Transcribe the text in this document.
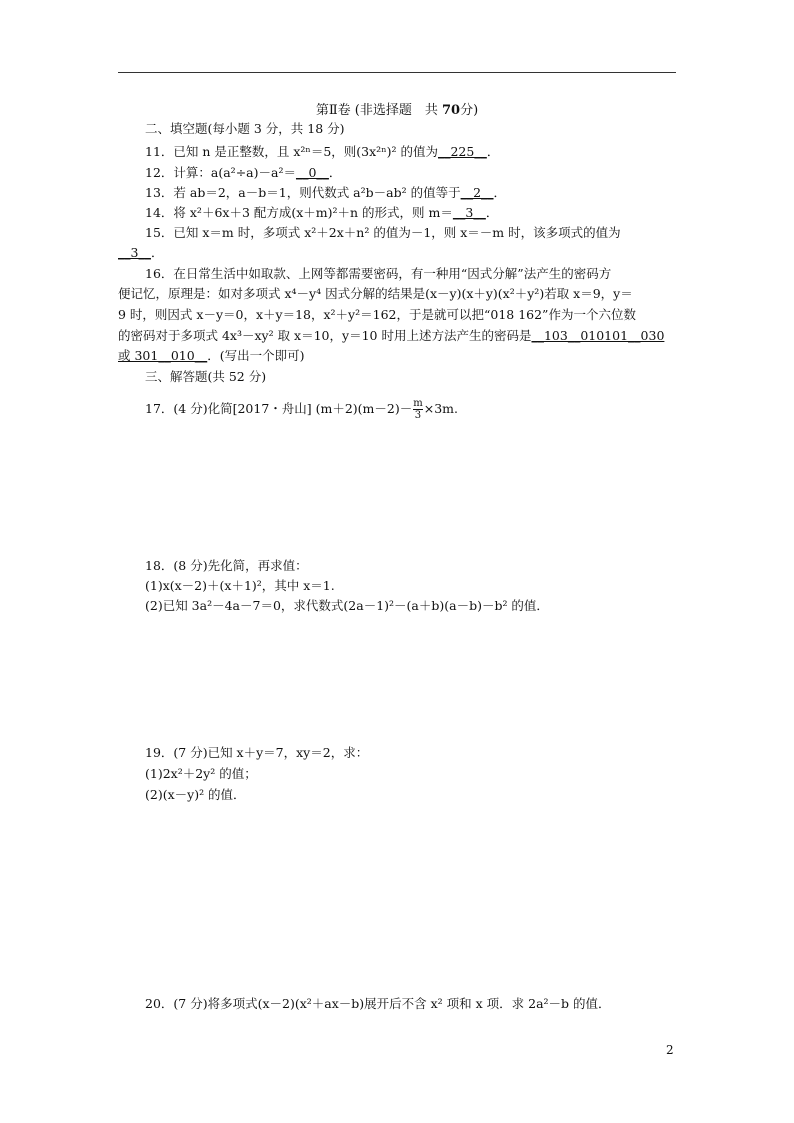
第Ⅱ卷 (非选择题　共 70分)
二、填空题(每小题 3 分，共 18 分)
11．已知 n 是正整数，且 x²ⁿ＝5，则(3x²ⁿ)² 的值为__225__．
12．计算：a(a²÷a)－a²＝__0__．
13．若 ab＝2，a－b＝1，则代数式 a²b－ab² 的值等于__2__．
14．将 x²＋6x＋3 配方成(x＋m)²＋n 的形式，则 m＝__3__．
15．已知 x＝m 时，多项式 x²＋2x＋n² 的值为－1，则 x＝－m 时，该多项式的值为
__3__．
16．在日常生活中如取款、上网等都需要密码，有一种用“因式分解”法产生的密码方
便记忆，原理是：如对多项式 x⁴－y⁴ 因式分解的结果是(x－y)(x＋y)(x²＋y²)若取 x＝9，y＝
9 时，则因式 x－y＝0，x＋y＝18，x²＋y²＝162，于是就可以把“018 162”作为一个六位数
的密码对于多项式 4x³－xy² 取 x＝10，y＝10 时用上述方法产生的密码是__103__010101__030
或 301__010__．(写出一个即可)
三、解答题(共 52 分)
17．(4 分)化简[2017・舟山] $(m+2)(m-2)- \frac{m}{3} \times 3m$.
18．(8 分)先化简，再求值：
(1)x(x－2)＋(x＋1)²，其中 x＝1.
(2)已知 3a²－4a－7＝0，求代数式(2a－1)²－(a＋b)(a－b)－b² 的值．
19．(7 分)已知 x＋y＝7，xy＝2，求：
(1)2x²＋2y² 的值；
(2)(x－y)² 的值．
20．(7 分)将多项式(x－2)(x²＋ax－b)展开后不含 x² 项和 x 项．求 2a²－b 的值．
2
